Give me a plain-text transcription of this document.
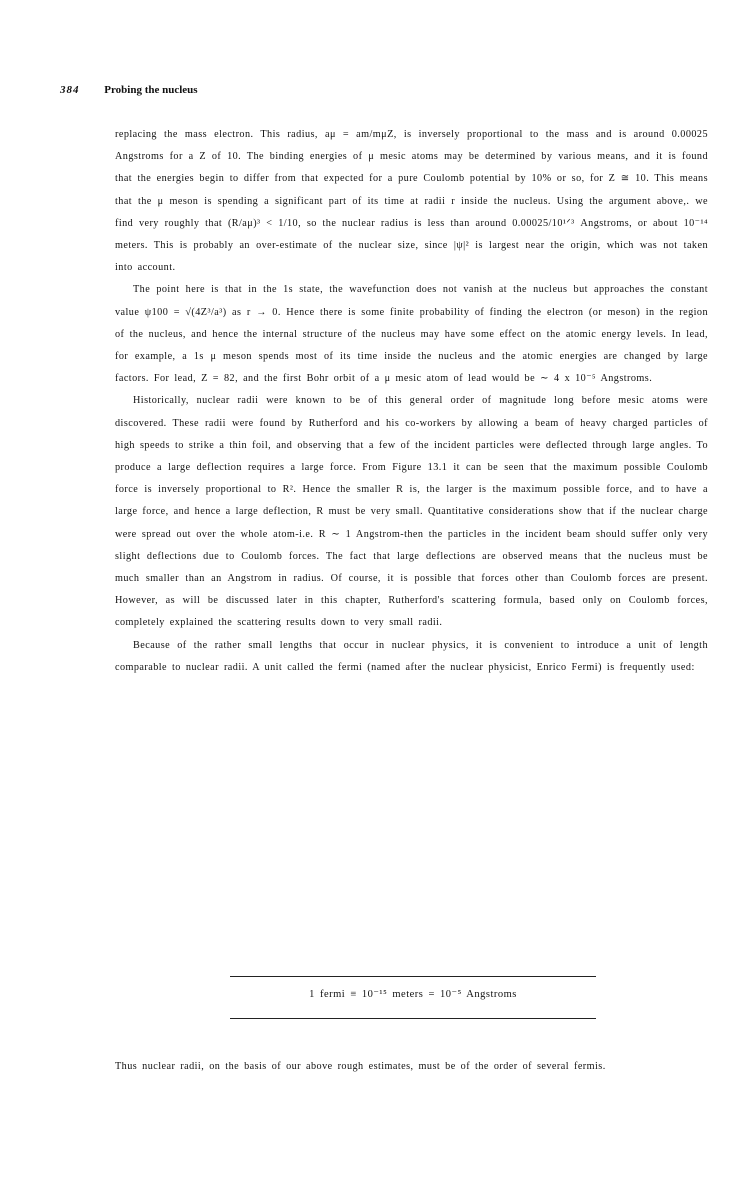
384 Probing the nucleus

replacing the mass electron. This radius, aμ = am/mμZ, is inversely proportional to the mass and is around 0.00025 Angstroms for a Z of 10. The binding energies of μ mesic atoms may be determined by various means, and it is found that the energies begin to differ from that expected for a pure Coulomb potential by 10% or so, for Z ≅ 10. This means that the μ meson is spending a significant part of its time at radii r inside the nucleus. Using the argument above,. we find very roughly that (R/aμ)³ < 1/10, so the nuclear radius is less than around 0.00025/10¹ᐟ³ Angstroms, or about 10⁻¹⁴ meters. This is probably an over-estimate of the nuclear size, since |ψ|² is largest near the origin, which was not taken into account.

The point here is that in the 1s state, the wavefunction does not vanish at the nucleus but approaches the constant value ψ100 = √(4Z³/a³) as r → 0. Hence there is some finite probability of finding the electron (or meson) in the region of the nucleus, and hence the internal structure of the nucleus may have some effect on the atomic energy levels. In lead, for example, a 1s μ meson spends most of its time inside the nucleus and the atomic energies are changed by large factors. For lead, Z = 82, and the first Bohr orbit of a μ mesic atom of lead would be ∼ 4 x 10⁻⁵ Angstroms.

Historically, nuclear radii were known to be of this general order of magnitude long before mesic atoms were discovered. These radii were found by Rutherford and his co-workers by allowing a beam of heavy charged particles of high speeds to strike a thin foil, and observing that a few of the incident particles were deflected through large angles. To produce a large deflection requires a large force. From Figure 13.1 it can be seen that the maximum possible Coulomb force is inversely proportional to R². Hence the smaller R is, the larger is the maximum possible force, and to have a large force, and hence a large deflection, R must be very small. Quantitative considerations show that if the nuclear charge were spread out over the whole atom-i.e. R ∼ 1 Angstrom-then the particles in the incident beam should suffer only very slight deflections due to Coulomb forces. The fact that large deflections are observed means that the nucleus must be much smaller than an Angstrom in radius. Of course, it is possible that forces other than Coulomb forces are present. However, as will be discussed later in this chapter, Rutherford's scattering formula, based only on Coulomb forces, completely explained the scattering results down to very small radii.

Because of the rather small lengths that occur in nuclear physics, it is convenient to introduce a unit of length comparable to nuclear radii. A unit called the fermi (named after the nuclear physicist, Enrico Fermi) is frequently used:

1 fermi ≡ 10⁻¹⁵ meters = 10⁻⁵ Angstroms

Thus nuclear radii, on the basis of our above rough estimates, must be of the order of several fermis.
